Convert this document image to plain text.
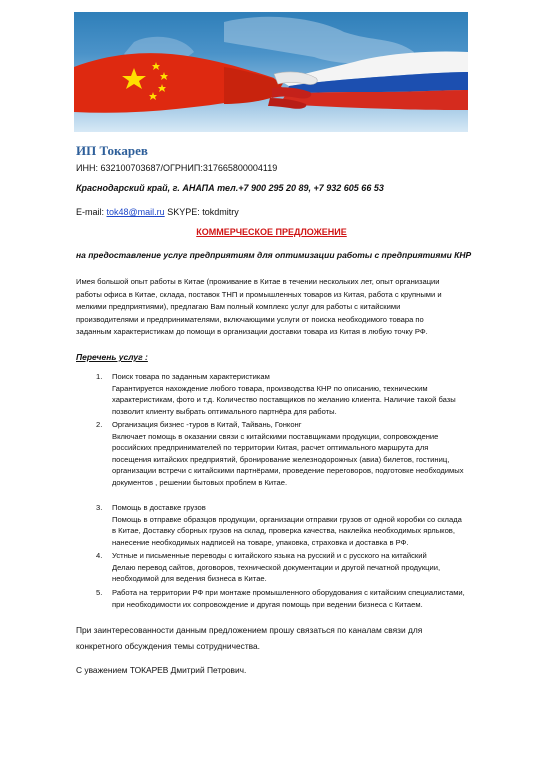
ИП Токарев
ИНН: 632100703687/ОГРНИП:317665800004119
Краснодарский край, г. АНАПА тел.+7 900 295 20 89, +7 932 605 66 53
E-mail: tok48@mail.ru SKYPE: tokdmitry
КОММЕРЧЕСКОЕ ПРЕДЛОЖЕНИЕ
на предоставление услуг предприятиям для оптимизации работы с предприятиями КНР
Имея большой опыт работы в Китае (проживание в Китае в течении нескольких лет, опыт организации
работы офиса в Китае, склада, поставок ТНП и промышленных товаров из Китая, работа с крупными и
мелкими предприятиями), предлагаю Вам полный комплекс услуг для работы с китайскими
производителями и предпринимателями, включающими услуги от поиска необходимого товара по
заданным характеристикам до помощи в организации доставки товара из Китая в любую точку РФ.
Перечень услуг :
1.	Поиск товара по заданным характеристикам
Гарантируется нахождение любого товара, производства КНР по описанию, техническим
характеристикам, фото и т.д. Количество поставщиков по желанию клиента. Наличие такой базы
позволит клиенту выбрать оптимального партнёра для работы.
2.	Организация бизнес -туров в Китай, Тайвань, Гонконг
Включает помощь в оказании связи с китайскими поставщиками продукции, сопровождение
российских предпринимателей по территории Китая, расчет оптимального маршрута для
посещения китайских предприятий, бронирование железнодорожных (авиа) билетов, гостиниц,
организации встречи с китайскими партнёрами, проведение переговоров, подготовке необходимых
документов , решении бытовых проблем в Китае.
3.	Помощь в доставке грузов
Помощь в отправке образцов продукции, организации отправки грузов от одной коробки со склада
в Китае, Доставку сборных грузов на склад, проверка качества, наклейка необходимых ярлыков,
нанесение необходимых надписей на товаре, упаковка, страховка и доставка в РФ.
4.	Устные и письменные переводы с китайского языка на русский и с русского на китайский
Делаю перевод сайтов, договоров, технической документации и другой печатной продукции,
необходимой для ведения бизнеса в Китае.
5.	Работа на территории РФ при монтаже промышленного оборудования с китайским специалистами,
при необходимости их сопровождение и другая помощь при ведении бизнеса с Китаем.
При заинтересованности данным предложением прошу связаться по каналам связи для
конкретного обсуждения темы сотрудничества.
С уважением ТОКАРЕВ Дмитрий Петрович.
